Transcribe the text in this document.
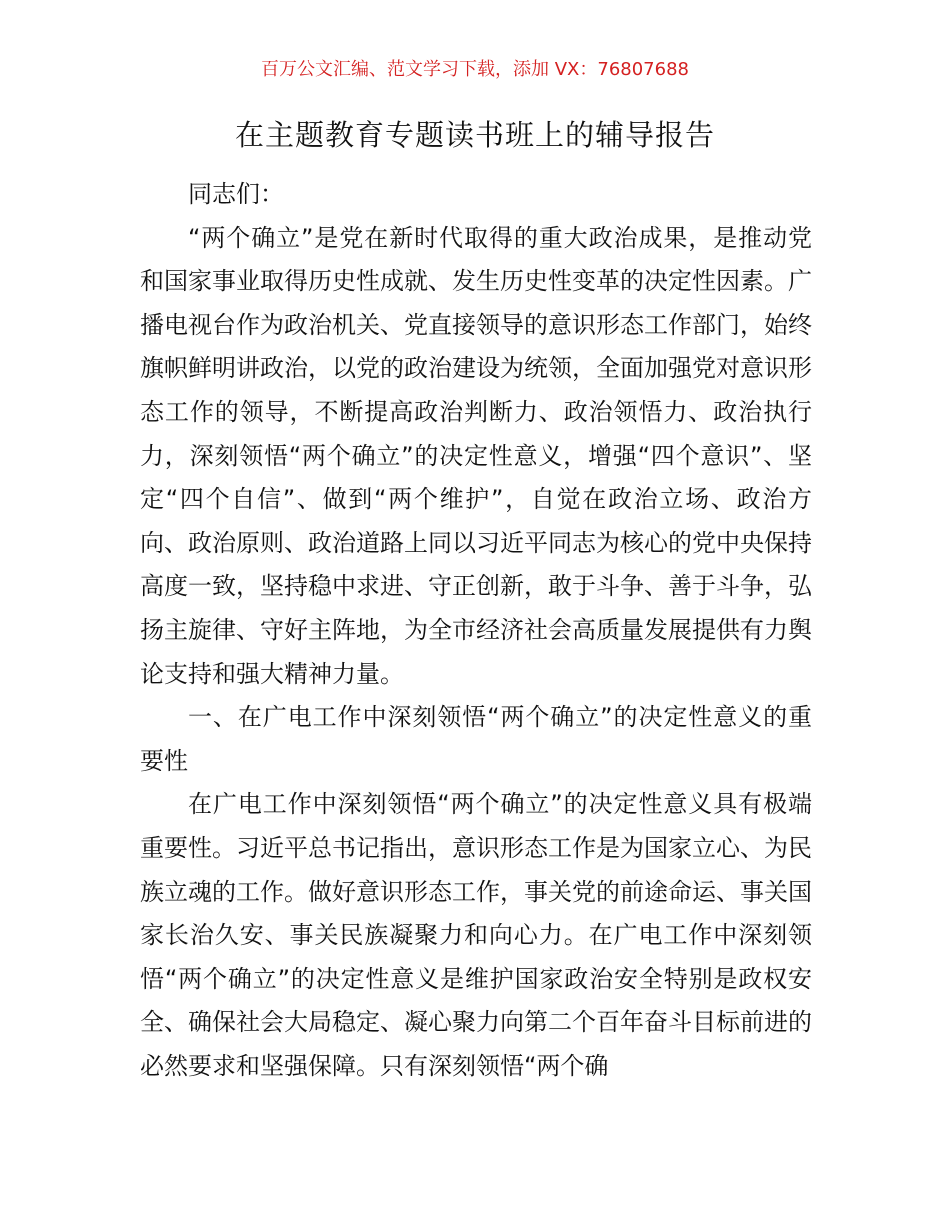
百万公文汇编、范文学习下载，添加 VX：76807688
在主题教育专题读书班上的辅导报告

同志们：

“两个确立”是党在新时代取得的重大政治成果，是推动党和国家事业取得历史性成就、发生历史性变革的决定性因素。广播电视台作为政治机关、党直接领导的意识形态工作部门，始终旗帜鲜明讲政治，以党的政治建设为统领，全面加强党对意识形态工作的领导，不断提高政治判断力、政治领悟力、政治执行力，深刻领悟“两个确立”的决定性意义，增强“四个意识”、坚定“四个自信”、做到“两个维护”，自觉在政治立场、政治方向、政治原则、政治道路上同以习近平同志为核心的党中央保持高度一致，坚持稳中求进、守正创新，敢于斗争、善于斗争，弘扬主旋律、守好主阵地，为全市经济社会高质量发展提供有力舆论支持和强大精神力量。

一、在广电工作中深刻领悟“两个确立”的决定性意义的重要性

在广电工作中深刻领悟“两个确立”的决定性意义具有极端重要性。习近平总书记指出，意识形态工作是为国家立心、为民族立魂的工作。做好意识形态工作，事关党的前途命运、事关国家长治久安、事关民族凝聚力和向心力。在广电工作中深刻领悟“两个确立”的决定性意义是维护国家政治安全特别是政权安全、确保社会大局稳定、凝心聚力向第二个百年奋斗目标前进的必然要求和坚强保障。只有深刻领悟“两个确
